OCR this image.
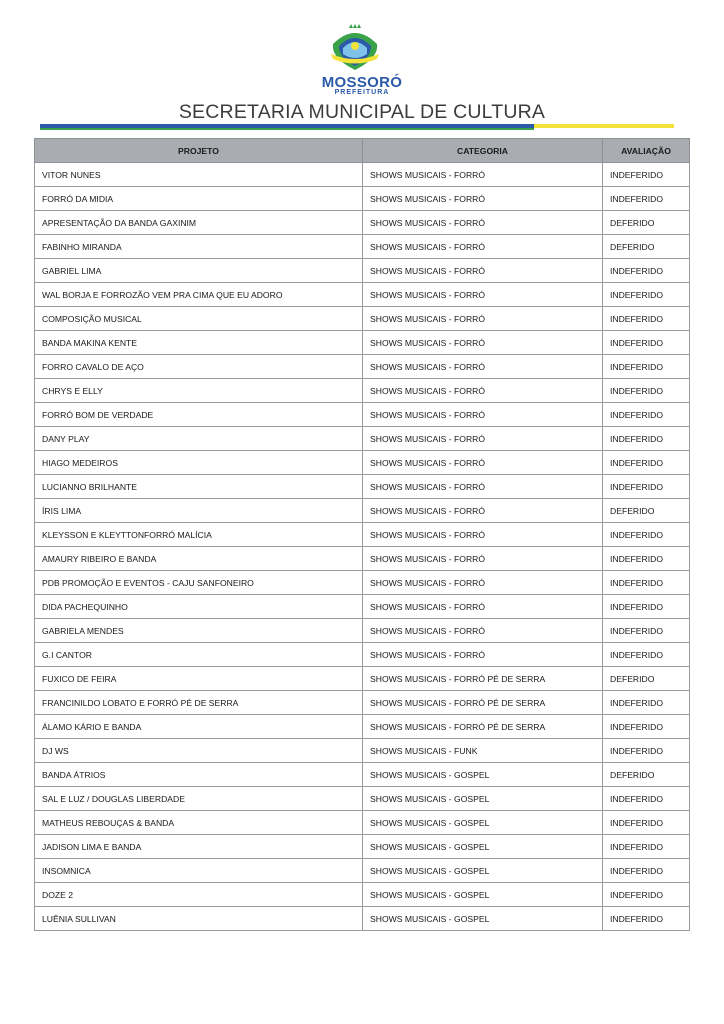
MOSSORÓ
PREFEITURA
SECRETARIA MUNICIPAL DE CULTURA
PROJETO	CATEGORIA	AVALIAÇÃO
VITOR NUNES	SHOWS MUSICAIS - FORRÓ	INDEFERIDO
FORRÓ DA MIDIA	SHOWS MUSICAIS - FORRÓ	INDEFERIDO
APRESENTAÇÃO DA BANDA GAXINIM	SHOWS MUSICAIS - FORRÓ	DEFERIDO
FABINHO MIRANDA	SHOWS MUSICAIS - FORRÓ	DEFERIDO
GABRIEL LIMA	SHOWS MUSICAIS - FORRÓ	INDEFERIDO
WAL BORJA E FORROZÃO VEM PRA CIMA QUE EU ADORO	SHOWS MUSICAIS - FORRÓ	INDEFERIDO
COMPOSIÇÃO MUSICAL	SHOWS MUSICAIS - FORRÓ	INDEFERIDO
BANDA MAKINA KENTE	SHOWS MUSICAIS - FORRÓ	INDEFERIDO
FORRO CAVALO DE AÇO	SHOWS MUSICAIS - FORRÓ	INDEFERIDO
CHRYS E ELLY	SHOWS MUSICAIS - FORRÓ	INDEFERIDO
FORRÓ BOM DE VERDADE	SHOWS MUSICAIS - FORRÓ	INDEFERIDO
DANY PLAY	SHOWS MUSICAIS - FORRÓ	INDEFERIDO
HIAGO MEDEIROS	SHOWS MUSICAIS - FORRÓ	INDEFERIDO
LUCIANNO BRILHANTE	SHOWS MUSICAIS - FORRÓ	INDEFERIDO
ÍRIS LIMA	SHOWS MUSICAIS - FORRÓ	DEFERIDO
KLEYSSON E KLEYTTONFORRÓ MALÍCIA	SHOWS MUSICAIS - FORRÓ	INDEFERIDO
AMAURY RIBEIRO E BANDA	SHOWS MUSICAIS - FORRÓ	INDEFERIDO
PDB PROMOÇÃO E EVENTOS - CAJU SANFONEIRO	SHOWS MUSICAIS - FORRÓ	INDEFERIDO
DIDA PACHEQUINHO	SHOWS MUSICAIS - FORRÓ	INDEFERIDO
GABRIELA MENDES	SHOWS MUSICAIS - FORRÓ	INDEFERIDO
G.I CANTOR	SHOWS MUSICAIS - FORRÓ	INDEFERIDO
FUXICO DE FEIRA	SHOWS MUSICAIS - FORRÓ PÉ DE SERRA	DEFERIDO
FRANCINILDO LOBATO E FORRÓ PÉ DE SERRA	SHOWS MUSICAIS - FORRÓ PÉ DE SERRA	INDEFERIDO
ÁLAMO KÁRIO E BANDA	SHOWS MUSICAIS - FORRÓ PÉ DE SERRA	INDEFERIDO
DJ WS	SHOWS MUSICAIS - FUNK	INDEFERIDO
BANDA ÁTRIOS	SHOWS MUSICAIS - GOSPEL	DEFERIDO
SAL E LUZ / DOUGLAS LIBERDADE	SHOWS MUSICAIS - GOSPEL	INDEFERIDO
MATHEUS REBOUÇAS & BANDA	SHOWS MUSICAIS - GOSPEL	INDEFERIDO
JADISON LIMA E BANDA	SHOWS MUSICAIS - GOSPEL	INDEFERIDO
INSOMNICA	SHOWS MUSICAIS - GOSPEL	INDEFERIDO
DOZE 2	SHOWS MUSICAIS - GOSPEL	INDEFERIDO
LUÊNIA SULLIVAN	SHOWS MUSICAIS - GOSPEL	INDEFERIDO
